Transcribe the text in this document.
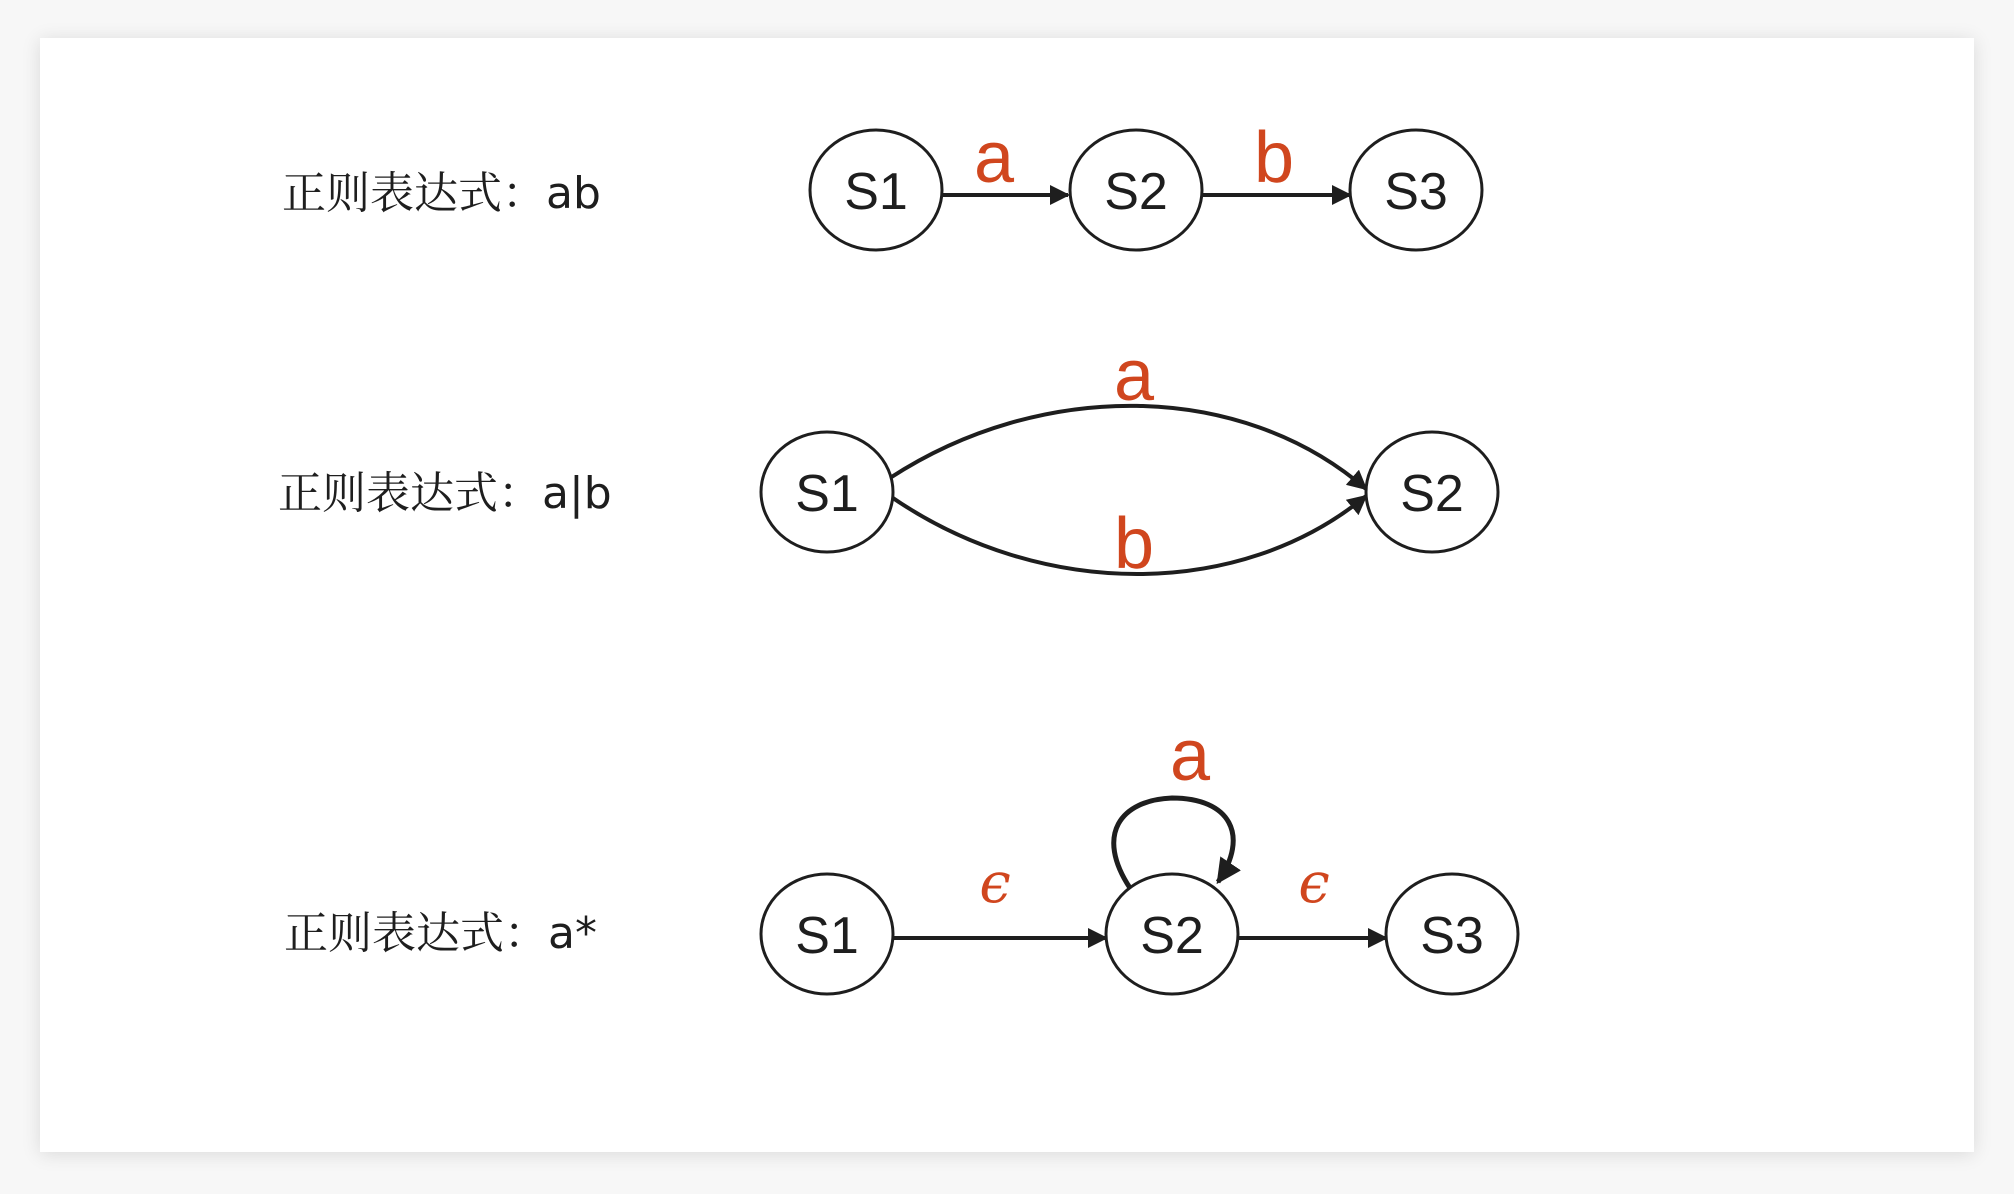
正则表达式：ab	a	b
S1	S2	S3
正则表达式：a|b
a
b
S1	S2
正则表达式：a*
ϵ
a
ϵ
S1	S2	S3
